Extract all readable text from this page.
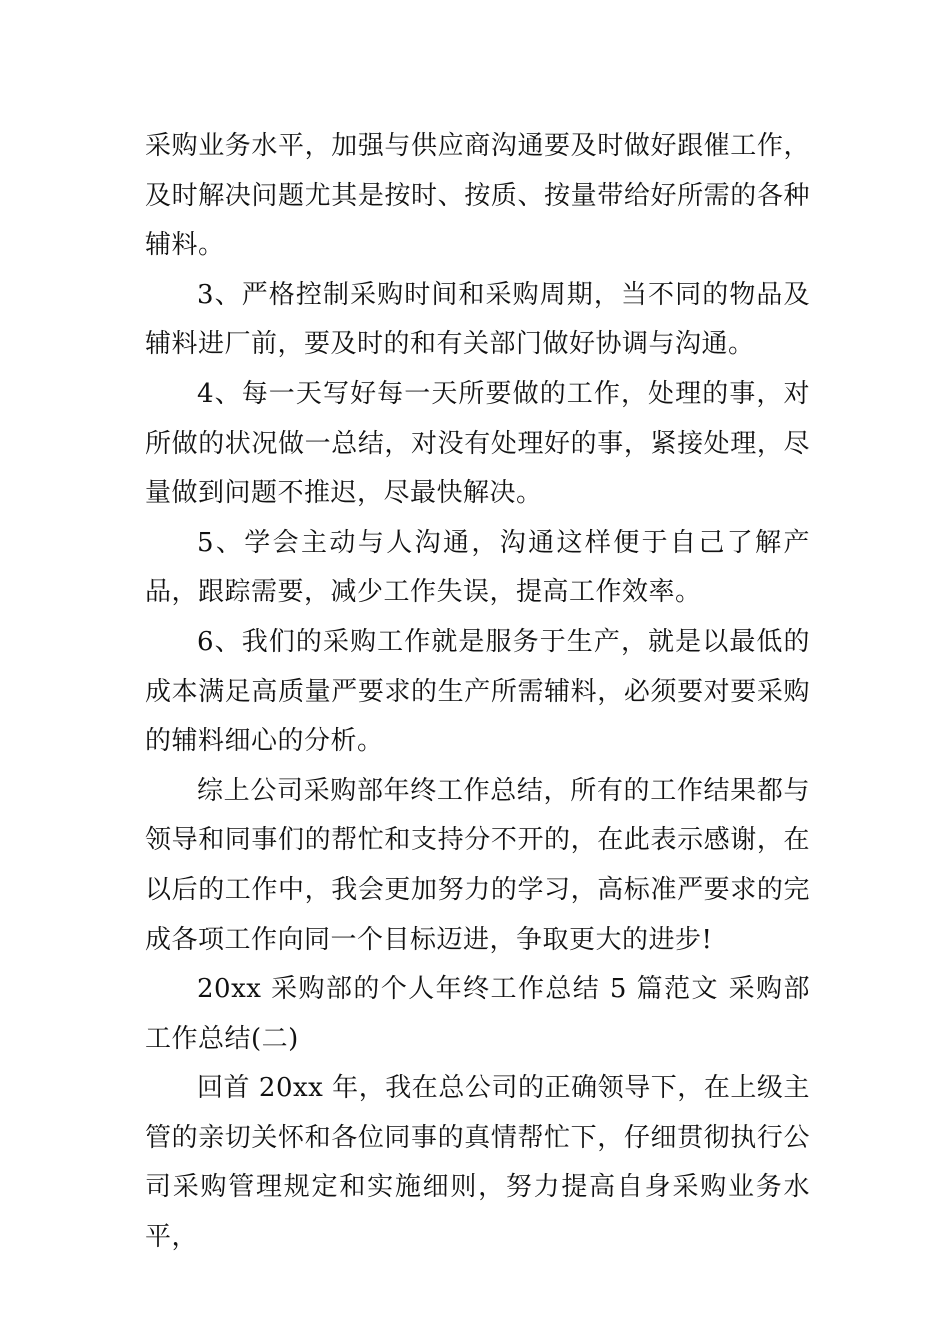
采购业务水平，加强与供应商沟通要及时做好跟催工作，及时解决问题尤其是按时、按质、按量带给好所需的各种辅料。

3、严格控制采购时间和采购周期，当不同的物品及辅料进厂前，要及时的和有关部门做好协调与沟通。

4、每一天写好每一天所要做的工作，处理的事，对所做的状况做一总结，对没有处理好的事，紧接处理，尽量做到问题不推迟，尽最快解决。

5、学会主动与人沟通，沟通这样便于自己了解产品，跟踪需要，减少工作失误，提高工作效率。

6、我们的采购工作就是服务于生产，就是以最低的成本满足高质量严要求的生产所需辅料，必须要对要采购的辅料细心的分析。

综上公司采购部年终工作总结，所有的工作结果都与领导和同事们的帮忙和支持分不开的，在此表示感谢，在以后的工作中，我会更加努力的学习，高标准严要求的完成各项工作向同一个目标迈进，争取更大的进步!

20xx 采购部的个人年终工作总结 5 篇范文 采购部工作总结(二)

回首 20xx 年，我在总公司的正确领导下，在上级主管的亲切关怀和各位同事的真情帮忙下，仔细贯彻执行公司采购管理规定和实施细则，努力提高自身采购业务水平，
